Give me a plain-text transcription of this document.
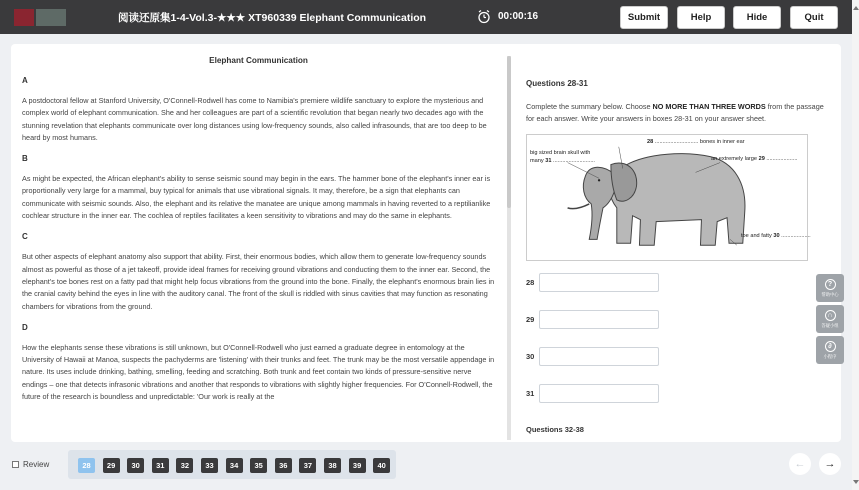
阅读还原集1-4-Vol.3-★★★ XT960339 Elephant Communication	00:00:16	Submit	Help	Hide	Quit
Elephant Communication
A
A postdoctoral fellow at Stanford University, O'Connell-Rodwell has come to Namibia's premiere wildlife sanctuary to explore the mysterious and complex world of elephant communication. She and her colleagues are part of a scientific revolution that began nearly two decades ago with the stunning revelation that elephants communicate over long distances using low-frequency sounds, also called infrasounds, that are too deep to be heard by most humans.
B
As might be expected, the African elephant's ability to sense seismic sound may begin in the ears. The hammer bone of the elephant's inner ear is proportionally very large for a mammal, buy typical for animals that use vibrational signals. It may, therefore, be a sign that elephants can communicate with seismic sounds. Also, the elephant and its relative the manatee are unique among mammals in having reverted to a reptilianlike cochlear structure in the inner ear. The cochlea of reptiles facilitates a keen sensitivity to vibrations and may do the same in elephants.
C
But other aspects of elephant anatomy also support that ability. First, their enormous bodies, which allow them to generate low-frequency sounds almost as powerful as those of a jet takeoff, provide ideal frames for receiving ground vibrations and conducting them to the inner ear. Second, the elephant's toe bones rest on a fatty pad that might help focus vibrations from the ground into the bone. Finally, the elephant's enormous brain lies in the cranial cavity behind the eyes in line with the auditory canal. The front of the skull is riddled with sinus cavities that may function as resonating chambers for vibrations from the ground.
D
How the elephants sense these vibrations is still unknown, but O'Connell-Rodwell who just earned a graduate degree in entomology at the University of Hawaii at Manoa, suspects the pachyderms are 'listening' with their trunks and feet. The trunk may be the most versatile appendage in nature. Its uses include drinking, bathing, smelling, feeding and scratching. Both trunk and feet contain two kinds of pressure-sensitive nerve endings – one that detects infrasonic vibrations and another that responds to vibrations with slightly higher frequencies. For O'Connell-Rodwell, the future of the research is boundless and unpredictable: 'Our work is really at the
Questions 28-31
Complete the summary below. Choose NO MORE THAN THREE WORDS from the passage for each answer. Write your answers in boxes 28-31 on your answer sheet.
28 ............................ bones in inner ear
big sized brain skull with
many 31 ...........................	an extremely large 29 ....................
toe and fatty 30 ...................
28
29
30
31
Questions 32-38
?
帮助中心
∩
答疑小组
∂
小程序
Review	28	29	30	31	32	33	34	35	36	37	38	39	40	←	→
